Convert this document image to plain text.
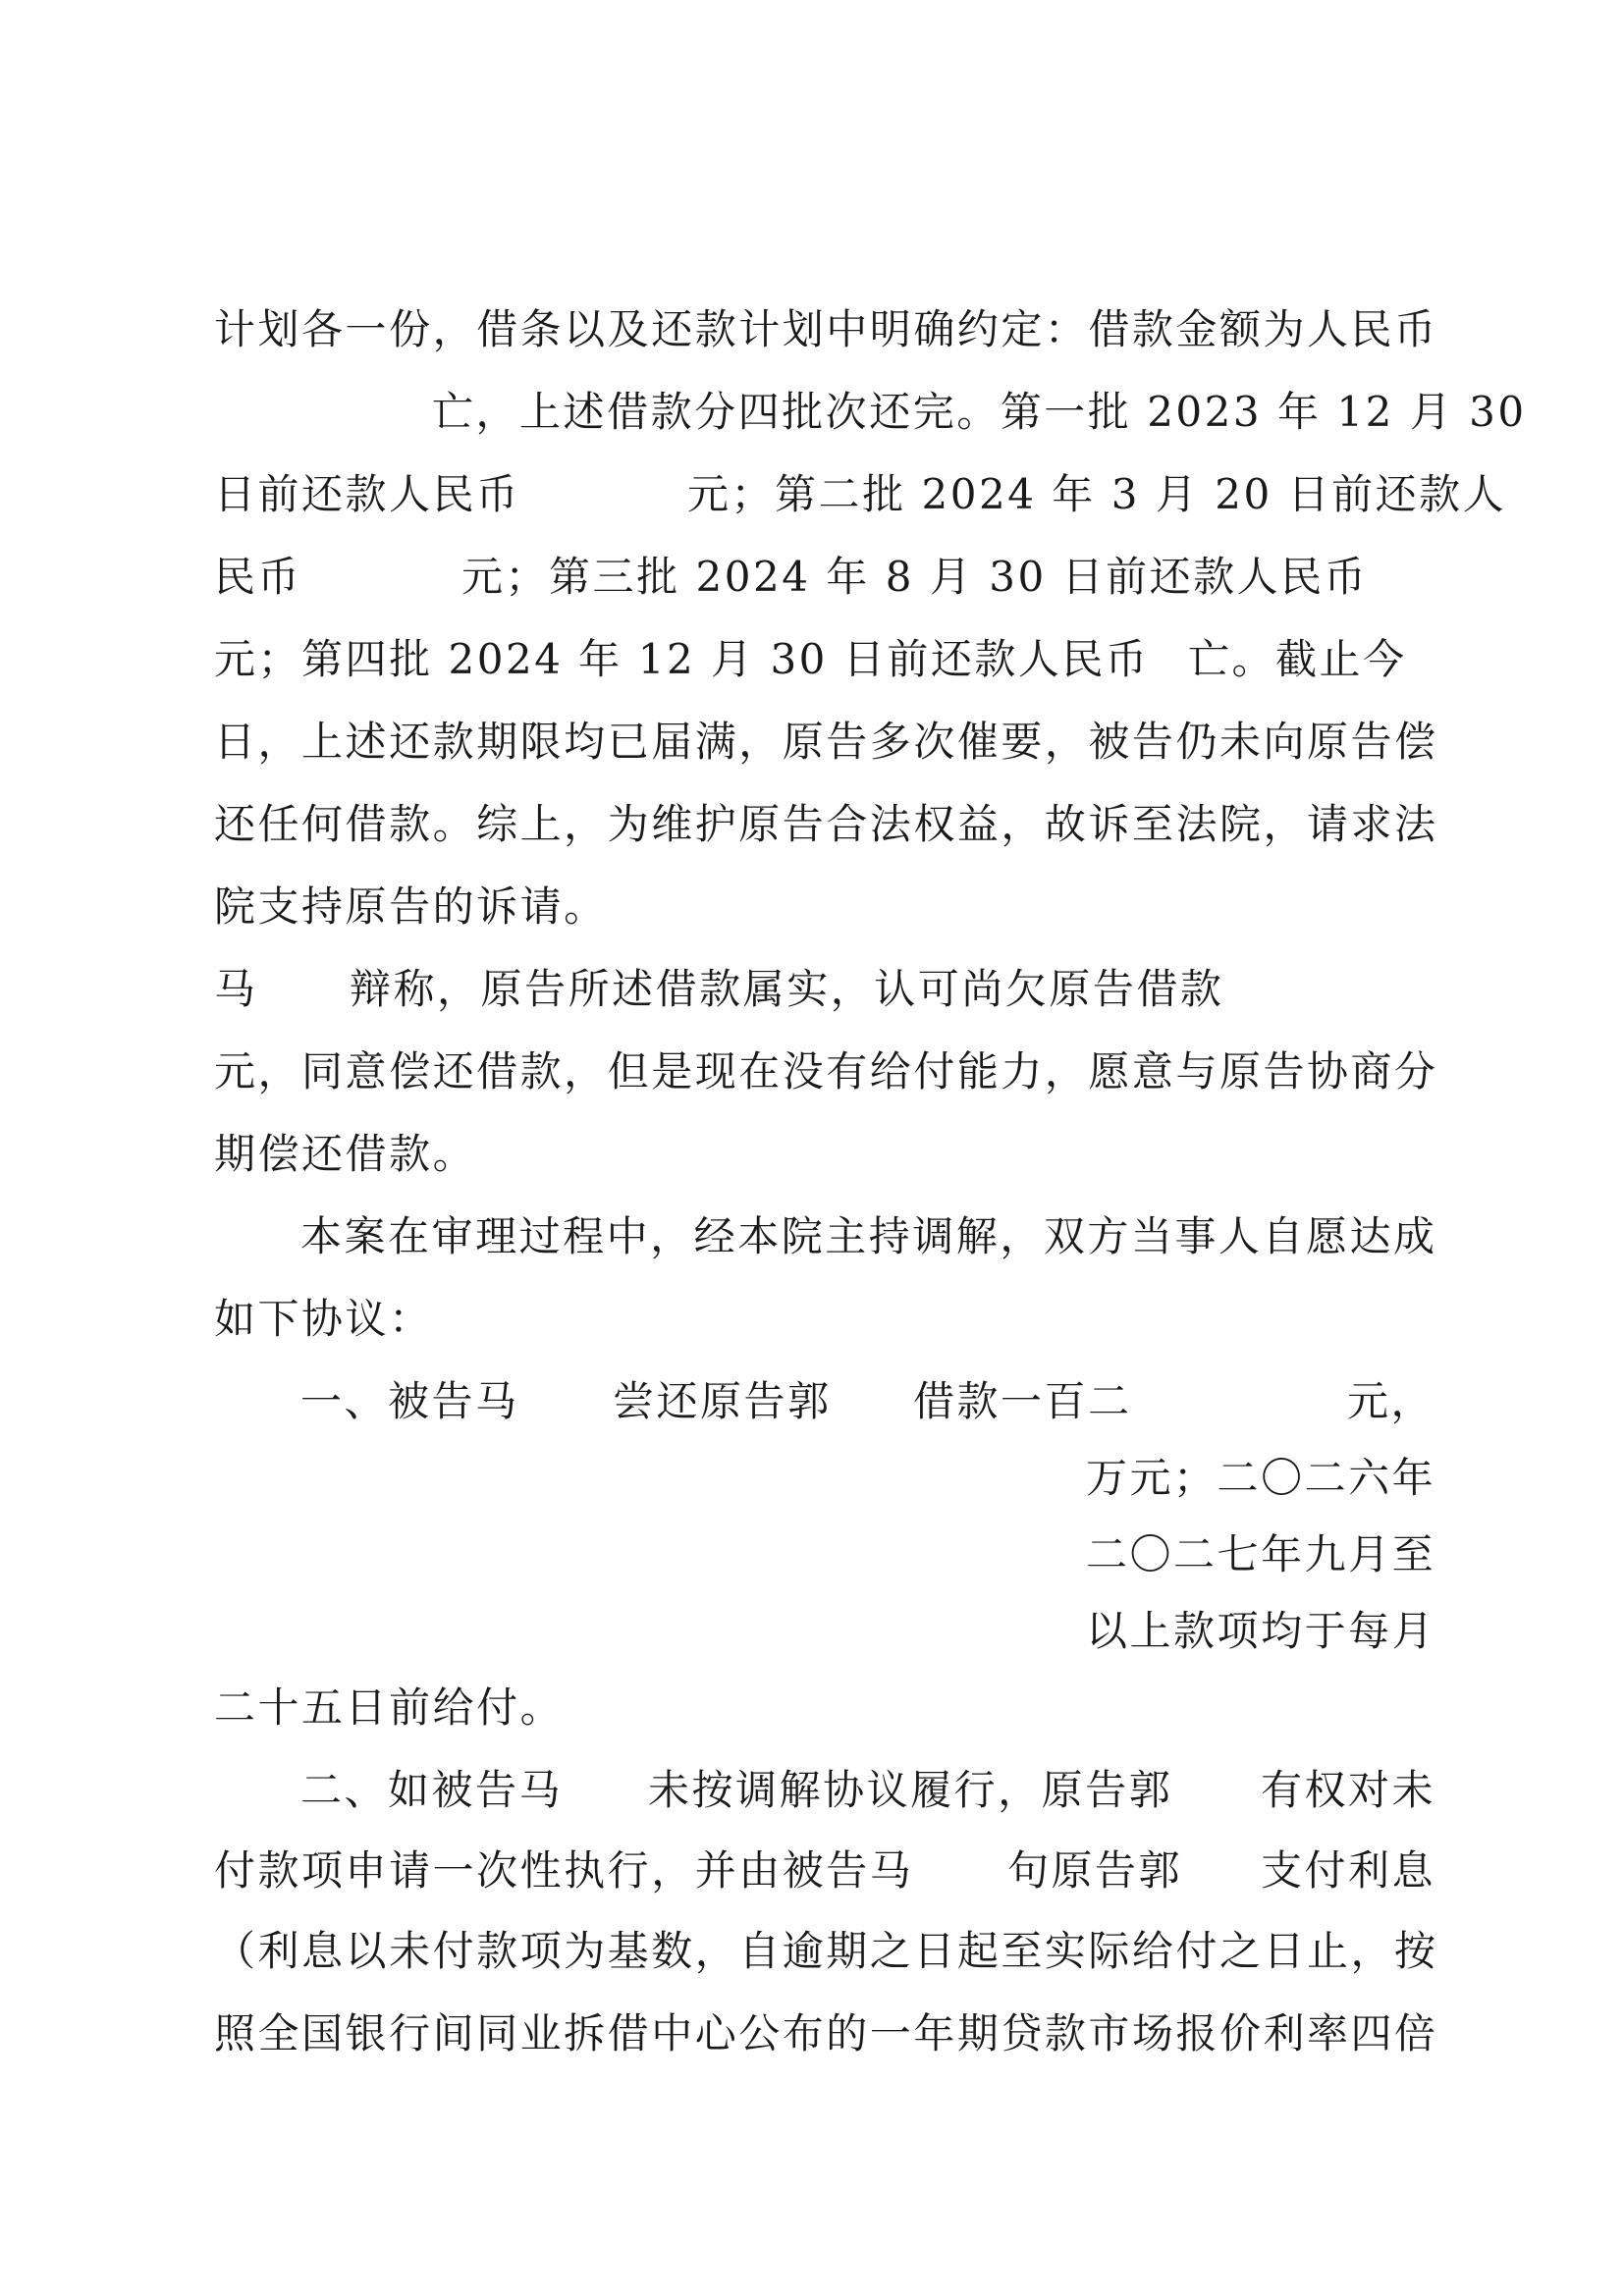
计划各一份，借条以及还款计划中明确约定：借款金额为人民币
亡，上述借款分四批次还完。第一批 2023 年 12 月 30
日前还款人民币	元；第二批 2024 年 3 月 20 日前还款人
民币	元；第三批 2024 年 8 月 30 日前还款人民币
元；第四批 2024 年 12 月 30 日前还款人民币 亡。截止今
日，上述还款期限均已届满，原告多次催要，被告仍未向原告偿
还任何借款。综上，为维护原告合法权益，故诉至法院，请求法
院支持原告的诉请。
马 辩称，原告所述借款属实，认可尚欠原告借款
元，同意偿还借款，但是现在没有给付能力，愿意与原告协商分
期偿还借款。
本案在审理过程中，经本院主持调解，双方当事人自愿达成
如下协议：
一、被告马 尝还原告郭 借款一百二	元，
万元；二〇二六年
二〇二七年九月至
以上款项均于每月
二十五日前给付。
二、如被告马 未按调解协议履行，原告郭 有权对未
付款项申请一次性执行，并由被告马 句原告郭 支付利息
（利息以未付款项为基数，自逾期之日起至实际给付之日止，按
照全国银行间同业拆借中心公布的一年期贷款市场报价利率四倍
